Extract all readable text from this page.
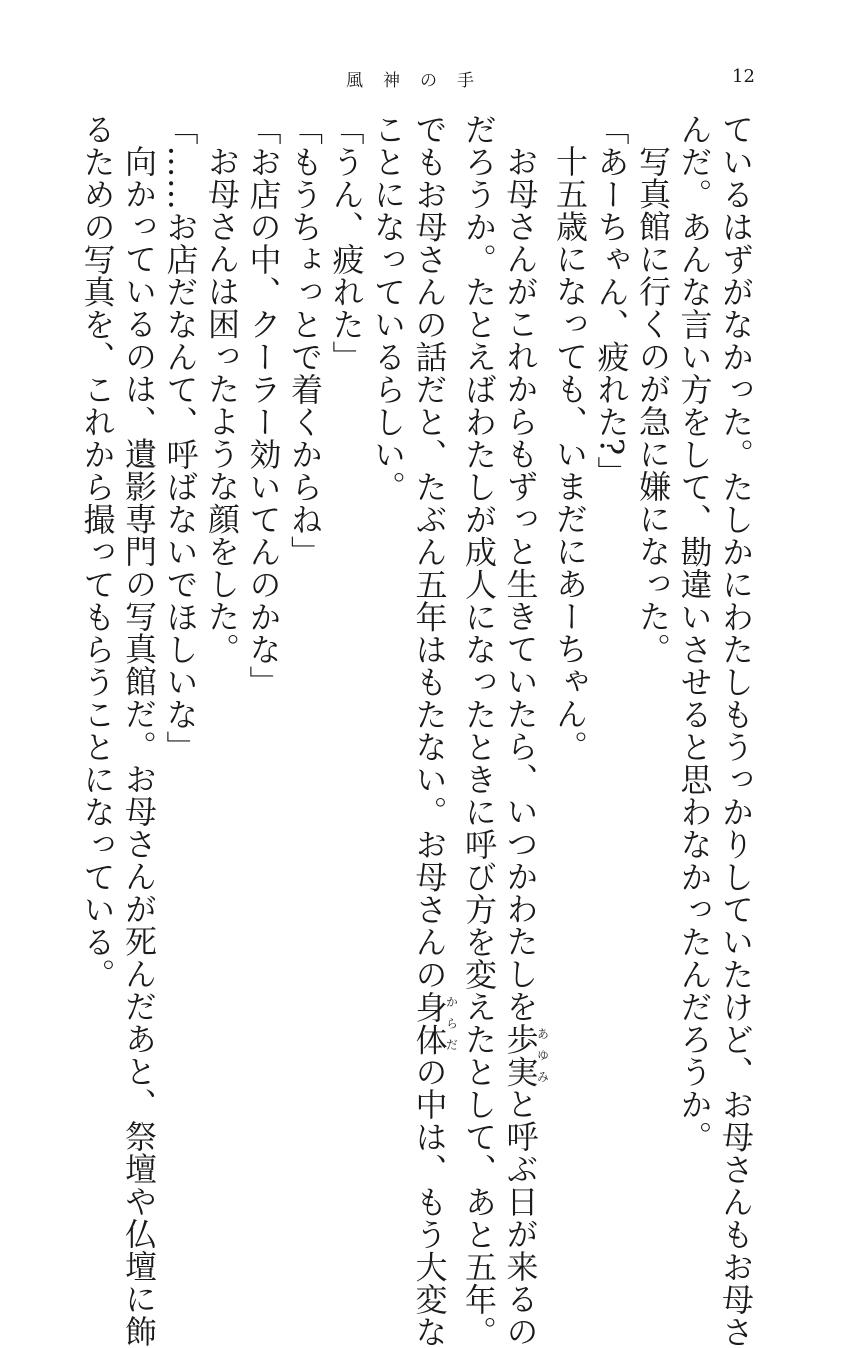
風神の手	12

ているはずがなかった。たしかにわたしもうっかりしていたけど、お母さんもお母さ

んだ。あんな言い方をして、勘違いさせると思わなかったんだろうか。

写真館に行くのが急に嫌になった。

「あーちゃん、疲れた?」

十五歳になっても、いまだにあーちゃん。

お母さんがこれからもずっと生きていたら、いつかわたしを歩実あゆみと呼ぶ日が来るの

だろうか。たとえばわたしが成人になったときに呼び方を変えたとして、あと五年。

でもお母さんの話だと、たぶん五年はもたない。お母さんの身体からだの中は、もう大変な

ことになっているらしい。

「うん、疲れた」

「もうちょっとで着くからね」

「お店の中、クーラー効いてんのかな」

お母さんは困ったような顔をした。

「……お店だなんて、呼ばないでほしいな」

向かっているのは、遺影専門の写真館だ。お母さんが死んだあと、祭壇や仏壇に飾

るための写真を、これから撮ってもらうことになっている。
